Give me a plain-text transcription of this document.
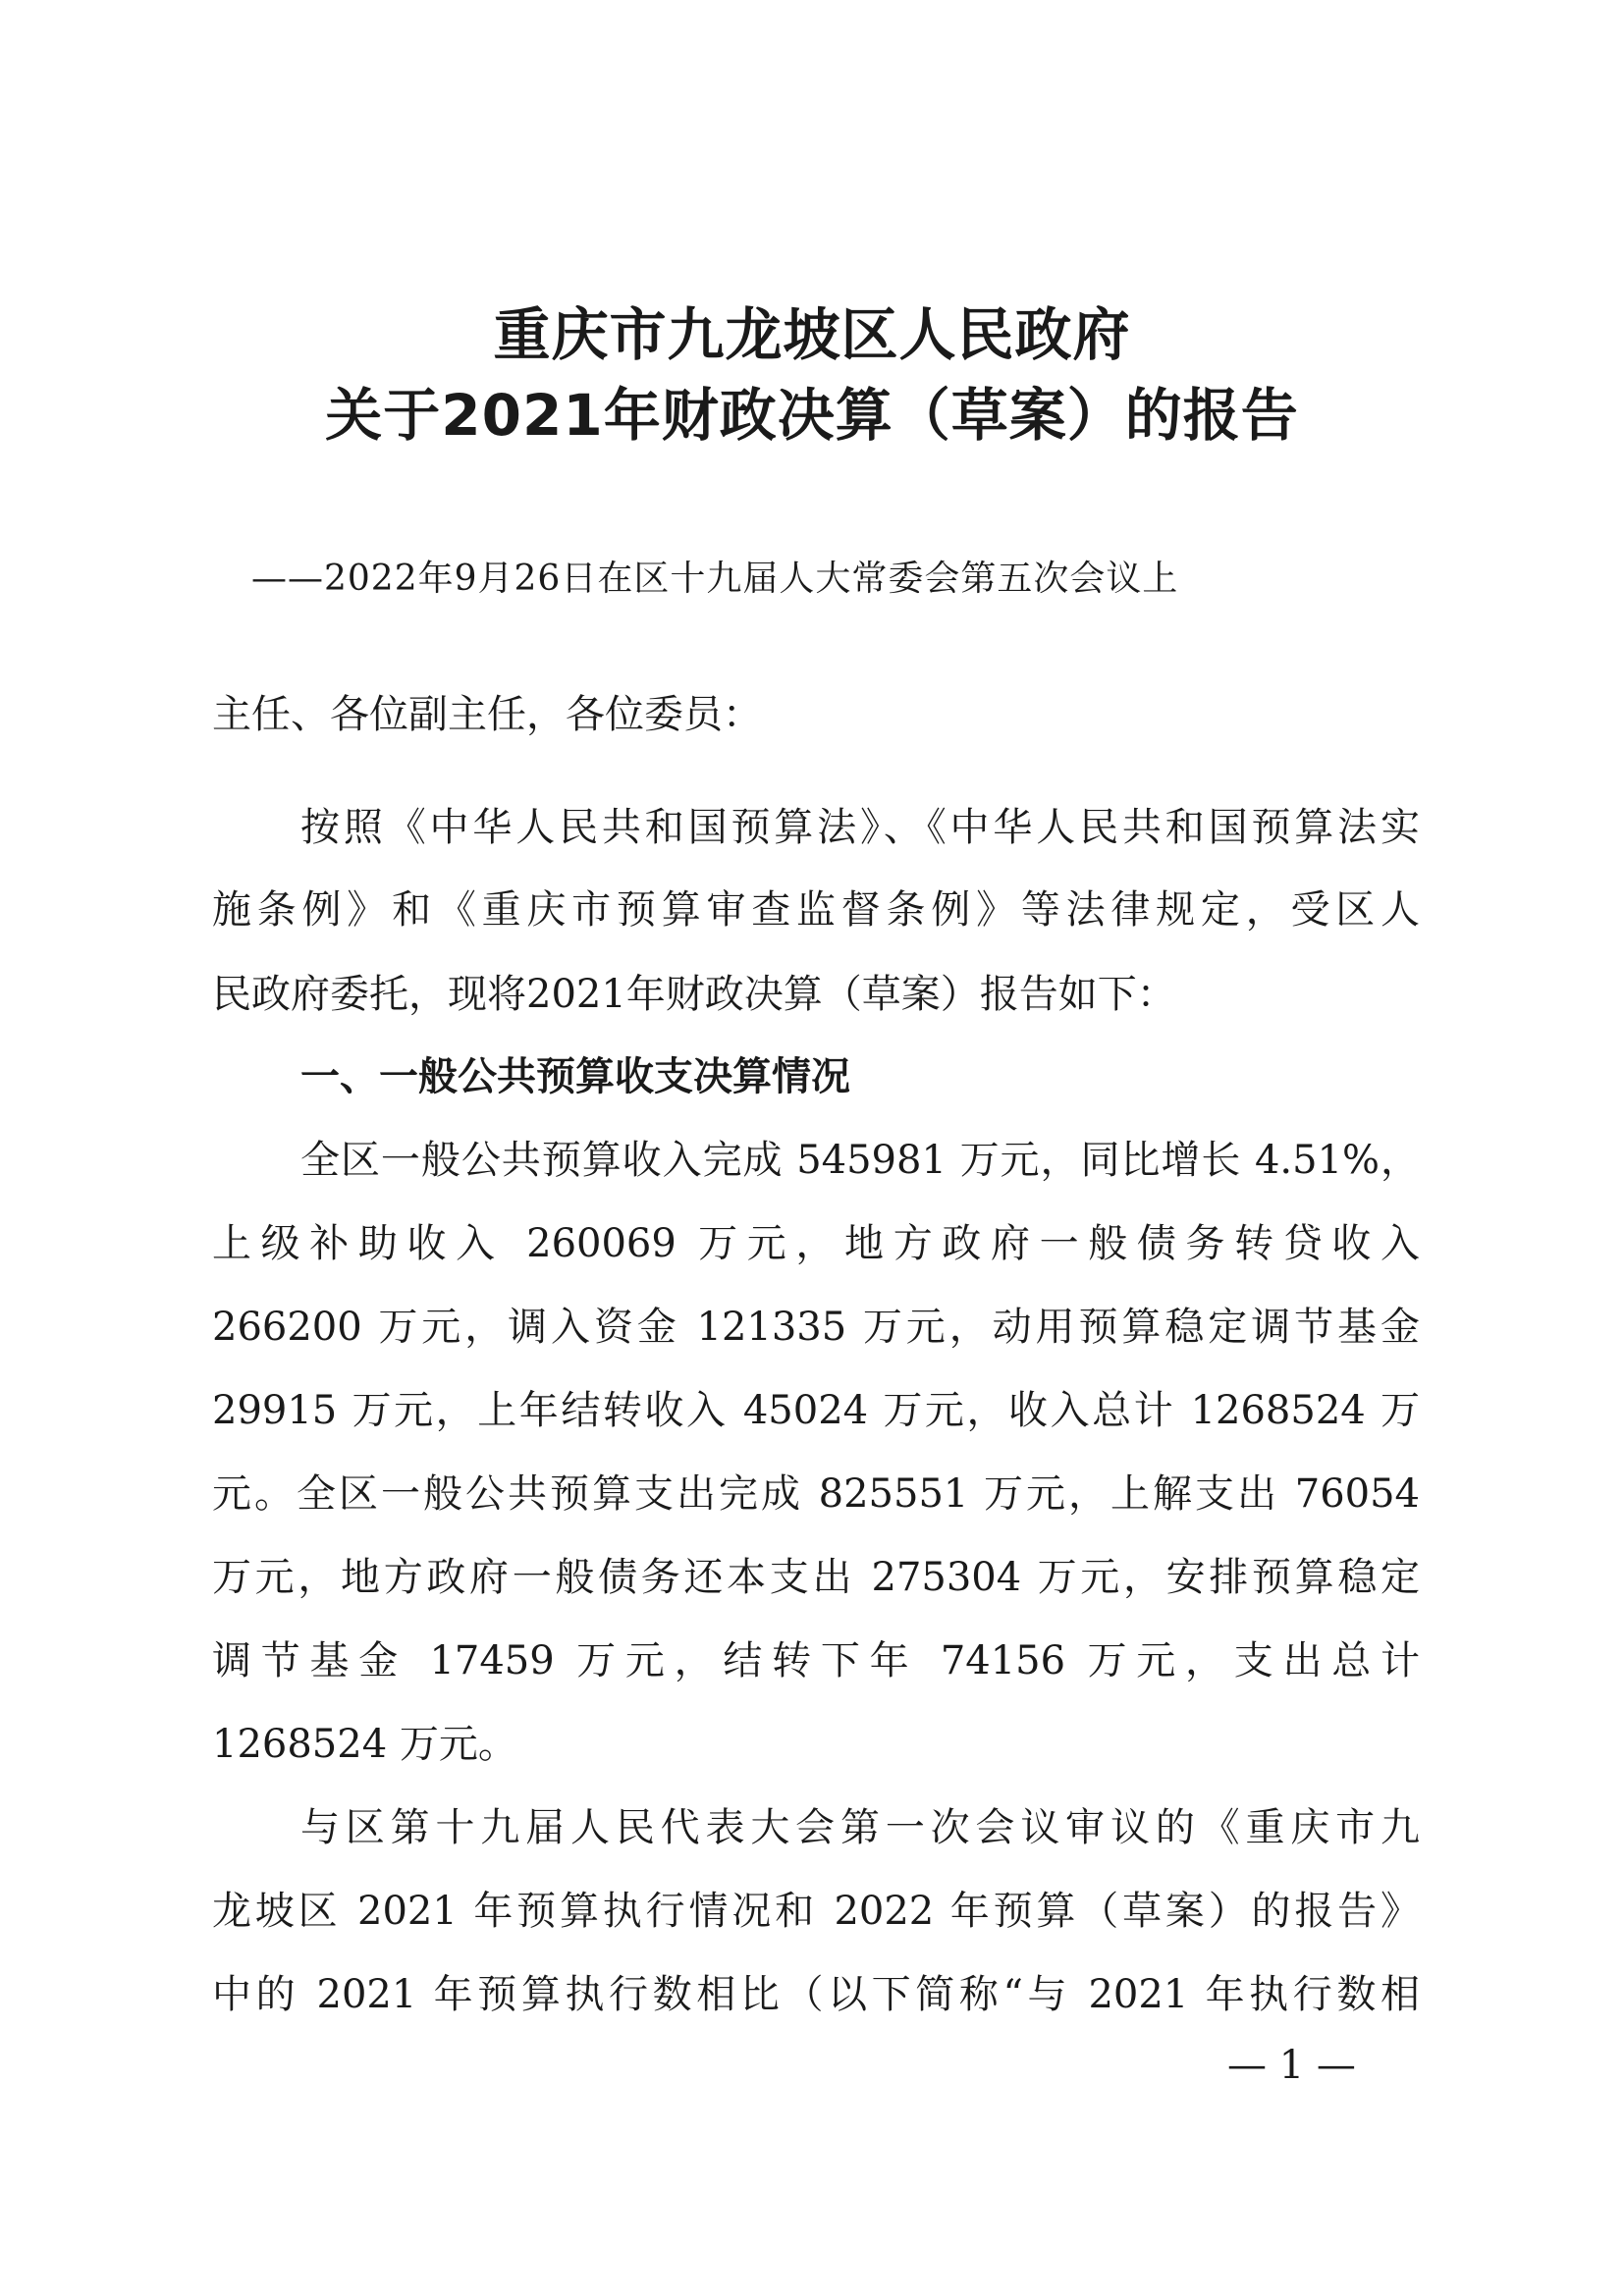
重庆市九龙坡区人民政府
关于2021年财政决算（草案）的报告
——2022年9月26日在区十九届人大常委会第五次会议上
主任、各位副主任，各位委员：
按照《中华人民共和国预算法》、《中华人民共和国预算法实
施条例》和《重庆市预算审查监督条例》等法律规定，受区人
民政府委托，现将2021年财政决算（草案）报告如下：
一、一般公共预算收支决算情况
全区一般公共预算收入完成 545981 万元，同比增长 4.51%，
上级补助收入 260069 万元，地方政府一般债务转贷收入
266200 万元，调入资金 121335 万元，动用预算稳定调节基金
29915 万元，上年结转收入 45024 万元，收入总计 1268524 万
元。全区一般公共预算支出完成 825551 万元，上解支出 76054
万元，地方政府一般债务还本支出 275304 万元，安排预算稳定
调节基金 17459 万元，结转下年 74156 万元，支出总计
1268524 万元。
与区第十九届人民代表大会第一次会议审议的《重庆市九
龙坡区 2021 年预算执行情况和 2022 年预算（草案）的报告》
中的 2021 年预算执行数相比（以下简称“与 2021 年执行数相
— 1 —
